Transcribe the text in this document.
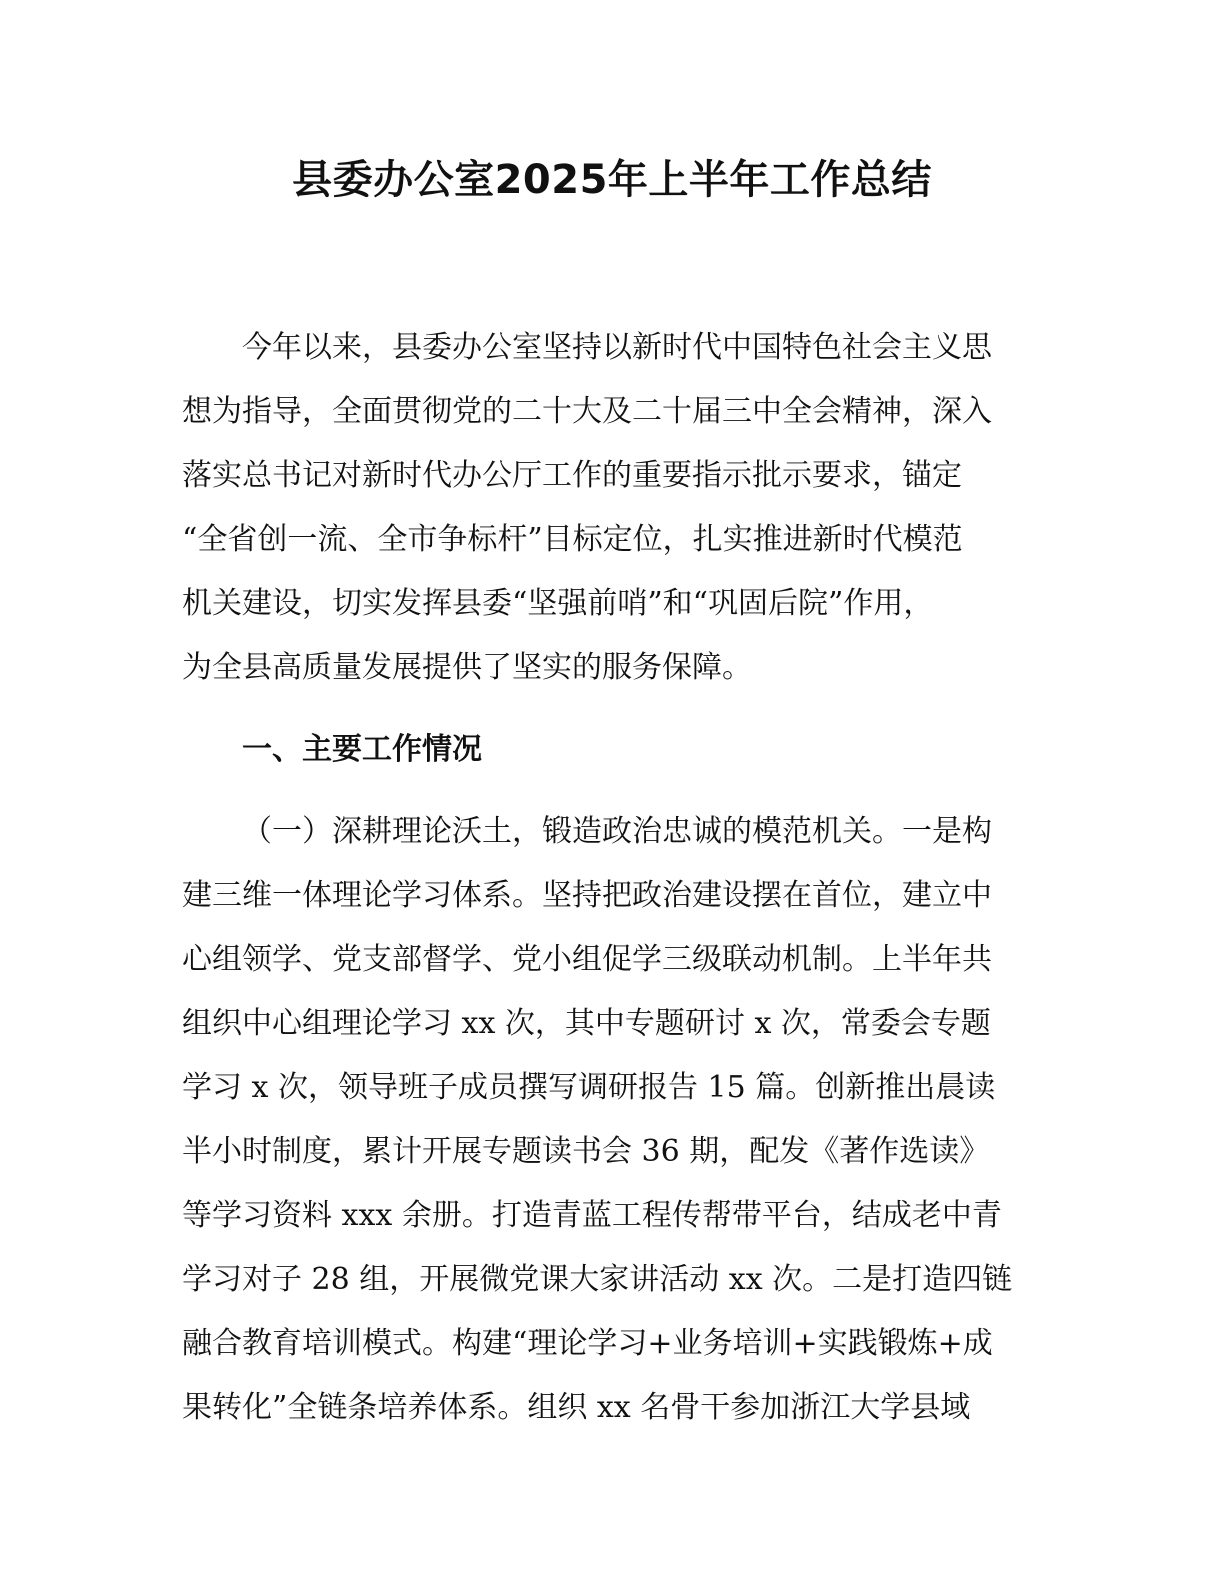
县委办公室2025年上半年工作总结
今年以来，县委办公室坚持以新时代中国特色社会主义思
想为指导，全面贯彻党的二十大及二十届三中全会精神，深入
落实总书记对新时代办公厅工作的重要指示批示要求，锚定
“全省创一流、全市争标杆”目标定位，扎实推进新时代模范
机关建设，切实发挥县委“坚强前哨”和“巩固后院”作用，
为全县高质量发展提供了坚实的服务保障。
一、主要工作情况
（一）深耕理论沃土，锻造政治忠诚的模范机关。一是构
建三维一体理论学习体系。坚持把政治建设摆在首位，建立中
心组领学、党支部督学、党小组促学三级联动机制。上半年共
组织中心组理论学习 xx 次，其中专题研讨 x 次，常委会专题
学习 x 次，领导班子成员撰写调研报告 15 篇。创新推出晨读
半小时制度，累计开展专题读书会 36 期，配发《著作选读》
等学习资料 xxx 余册。打造青蓝工程传帮带平台，结成老中青
学习对子 28 组，开展微党课大家讲活动 xx 次。二是打造四链
融合教育培训模式。构建“理论学习+业务培训+实践锻炼+成
果转化”全链条培养体系。组织 xx 名骨干参加浙江大学县域
